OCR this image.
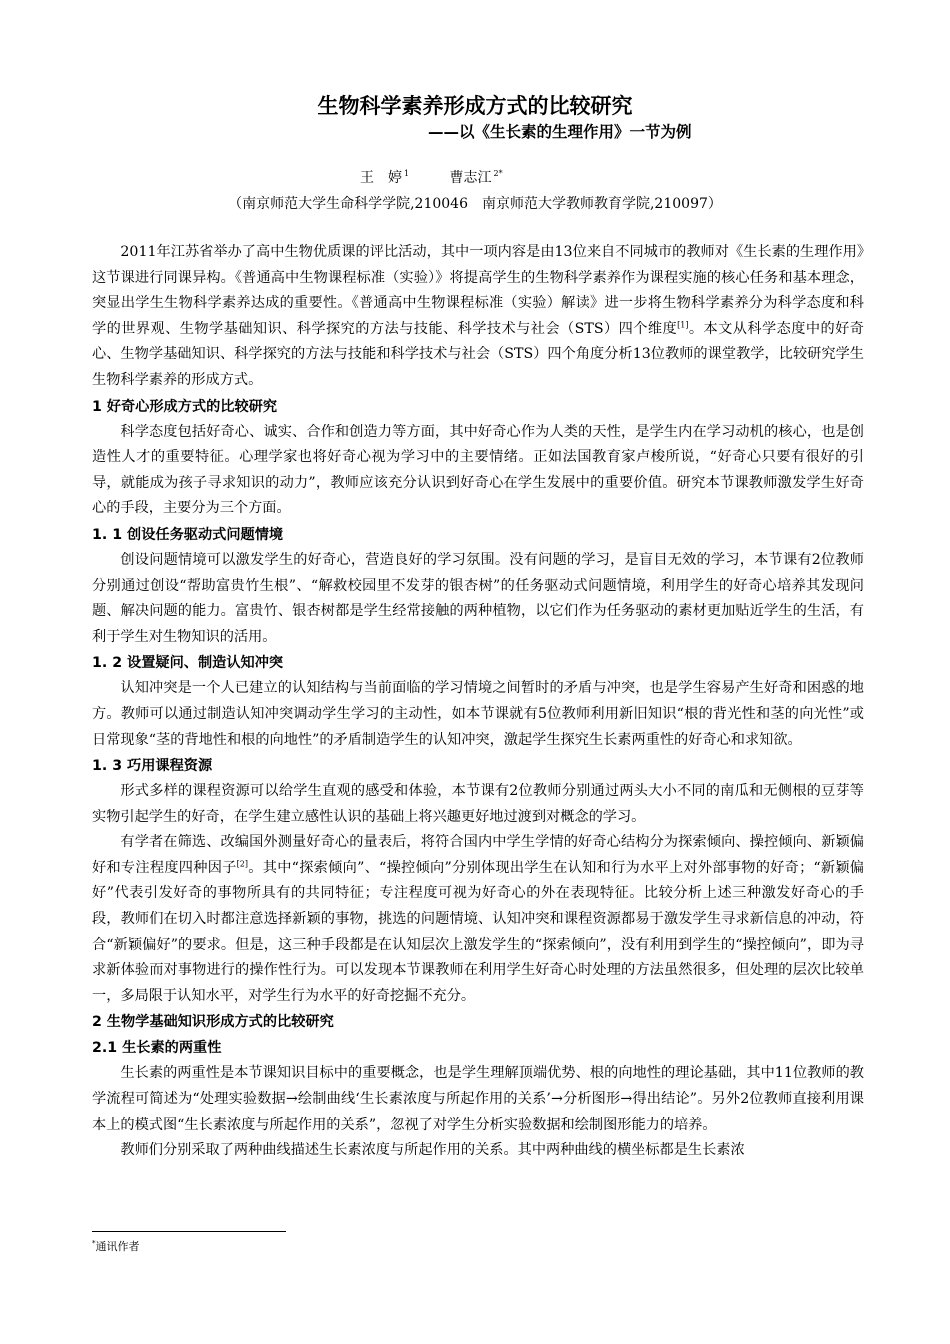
生物科学素养形成方式的比较研究
——以《生长素的生理作用》一节为例
王　婷 $^1$	曹志江 $^{2*}$
（南京师范大学生命科学学院,210046　南京师范大学教师教育学院,210097）

2011年江苏省举办了高中生物优质课的评比活动，其中一项内容是由13位来自不同城市的教师对《生长素的生理作用》这节课进行同课异构。《普通高中生物课程标准（实验）》将提高学生的生物科学素养作为课程实施的核心任务和基本理念，突显出学生生物科学素养达成的重要性。《普通高中生物课程标准（实验）解读》进一步将生物科学素养分为科学态度和科学的世界观、生物学基础知识、科学探究的方法与技能、科学技术与社会（STS）四个维度[1]。本文从科学态度中的好奇心、生物学基础知识、科学探究的方法与技能和科学技术与社会（STS）四个角度分析13位教师的课堂教学，比较研究学生生物科学素养的形成方式。

1 好奇心形成方式的比较研究

科学态度包括好奇心、诚实、合作和创造力等方面，其中好奇心作为人类的天性，是学生内在学习动机的核心，也是创造性人才的重要特征。心理学家也将好奇心视为学习中的主要情绪。正如法国教育家卢梭所说，“好奇心只要有很好的引导，就能成为孩子寻求知识的动力”，教师应该充分认识到好奇心在学生发展中的重要价值。研究本节课教师激发学生好奇心的手段，主要分为三个方面。

1. 1 创设任务驱动式问题情境

创设问题情境可以激发学生的好奇心，营造良好的学习氛围。没有问题的学习，是盲目无效的学习，本节课有2位教师分别通过创设“帮助富贵竹生根”、“解救校园里不发芽的银杏树”的任务驱动式问题情境，利用学生的好奇心培养其发现问题、解决问题的能力。富贵竹、银杏树都是学生经常接触的两种植物，以它们作为任务驱动的素材更加贴近学生的生活，有利于学生对生物知识的活用。

1. 2 设置疑问、制造认知冲突

认知冲突是一个人已建立的认知结构与当前面临的学习情境之间暂时的矛盾与冲突，也是学生容易产生好奇和困惑的地方。教师可以通过制造认知冲突调动学生学习的主动性，如本节课就有5位教师利用新旧知识“根的背光性和茎的向光性”或日常现象“茎的背地性和根的向地性”的矛盾制造学生的认知冲突，激起学生探究生长素两重性的好奇心和求知欲。

1. 3 巧用课程资源

形式多样的课程资源可以给学生直观的感受和体验，本节课有2位教师分别通过两头大小不同的南瓜和无侧根的豆芽等实物引起学生的好奇，在学生建立感性认识的基础上将兴趣更好地过渡到对概念的学习。

有学者在筛选、改编国外测量好奇心的量表后，将符合国内中学生学情的好奇心结构分为探索倾向、操控倾向、新颖偏好和专注程度四种因子[2]。其中“探索倾向”、“操控倾向”分别体现出学生在认知和行为水平上对外部事物的好奇；“新颖偏好”代表引发好奇的事物所具有的共同特征；专注程度可视为好奇心的外在表现特征。比较分析上述三种激发好奇心的手段，教师们在切入时都注意选择新颖的事物，挑选的问题情境、认知冲突和课程资源都易于激发学生寻求新信息的冲动，符合“新颖偏好”的要求。但是，这三种手段都是在认知层次上激发学生的“探索倾向”，没有利用到学生的“操控倾向”，即为寻求新体验而对事物进行的操作性行为。可以发现本节课教师在利用学生好奇心时处理的方法虽然很多，但处理的层次比较单一，多局限于认知水平，对学生行为水平的好奇挖掘不充分。

2 生物学基础知识形成方式的比较研究
2.1 生长素的两重性

生长素的两重性是本节课知识目标中的重要概念，也是学生理解顶端优势、根的向地性的理论基础，其中11位教师的教学流程可简述为“处理实验数据→绘制曲线‘生长素浓度与所起作用的关系’→分析图形→得出结论”。另外2位教师直接利用课本上的模式图“生长素浓度与所起作用的关系”，忽视了对学生分析实验数据和绘制图形能力的培养。

教师们分别采取了两种曲线描述生长素浓度与所起作用的关系。其中两种曲线的横坐标都是生长素浓

*通讯作者
